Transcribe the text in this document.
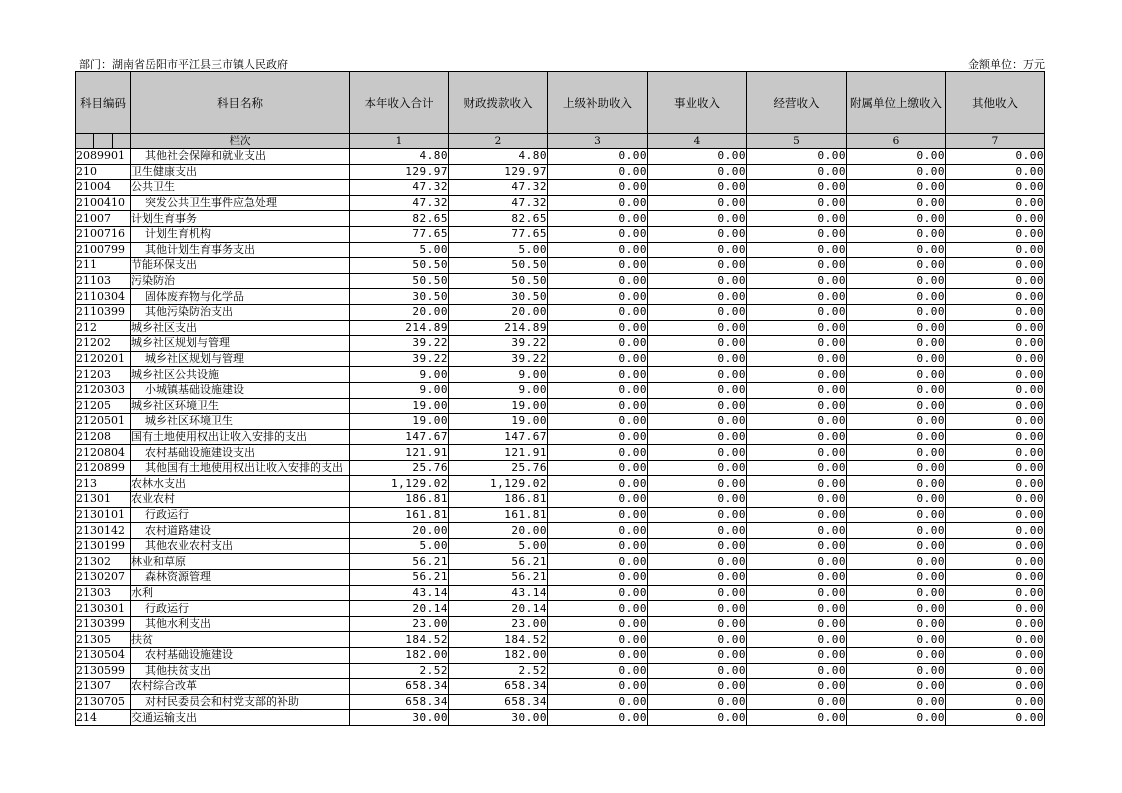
部门：湖南省岳阳市平江县三市镇人民政府	金额单位：万元
科目编码	科目名称	本年收入合计	财政拨款收入	上级补助收入	事业收入	经营收入	附属单位上缴收入	其他收入

	栏次	1	2	3	4	5	6	7
2089901	其他社会保障和就业支出	4.80	4.80	0.00	0.00	0.00	0.00	0.00
210	卫生健康支出	129.97	129.97	0.00	0.00	0.00	0.00	0.00
21004	公共卫生	47.32	47.32	0.00	0.00	0.00	0.00	0.00
2100410	突发公共卫生事件应急处理	47.32	47.32	0.00	0.00	0.00	0.00	0.00
21007	计划生育事务	82.65	82.65	0.00	0.00	0.00	0.00	0.00
2100716	计划生育机构	77.65	77.65	0.00	0.00	0.00	0.00	0.00
2100799	其他计划生育事务支出	5.00	5.00	0.00	0.00	0.00	0.00	0.00
211	节能环保支出	50.50	50.50	0.00	0.00	0.00	0.00	0.00
21103	污染防治	50.50	50.50	0.00	0.00	0.00	0.00	0.00
2110304	固体废弃物与化学品	30.50	30.50	0.00	0.00	0.00	0.00	0.00
2110399	其他污染防治支出	20.00	20.00	0.00	0.00	0.00	0.00	0.00
212	城乡社区支出	214.89	214.89	0.00	0.00	0.00	0.00	0.00
21202	城乡社区规划与管理	39.22	39.22	0.00	0.00	0.00	0.00	0.00
2120201	城乡社区规划与管理	39.22	39.22	0.00	0.00	0.00	0.00	0.00
21203	城乡社区公共设施	9.00	9.00	0.00	0.00	0.00	0.00	0.00
2120303	小城镇基础设施建设	9.00	9.00	0.00	0.00	0.00	0.00	0.00
21205	城乡社区环境卫生	19.00	19.00	0.00	0.00	0.00	0.00	0.00
2120501	城乡社区环境卫生	19.00	19.00	0.00	0.00	0.00	0.00	0.00
21208	国有土地使用权出让收入安排的支出	147.67	147.67	0.00	0.00	0.00	0.00	0.00
2120804	农村基础设施建设支出	121.91	121.91	0.00	0.00	0.00	0.00	0.00
2120899	其他国有土地使用权出让收入安排的支出	25.76	25.76	0.00	0.00	0.00	0.00	0.00
213	农林水支出	1,129.02	1,129.02	0.00	0.00	0.00	0.00	0.00
21301	农业农村	186.81	186.81	0.00	0.00	0.00	0.00	0.00
2130101	行政运行	161.81	161.81	0.00	0.00	0.00	0.00	0.00
2130142	农村道路建设	20.00	20.00	0.00	0.00	0.00	0.00	0.00
2130199	其他农业农村支出	5.00	5.00	0.00	0.00	0.00	0.00	0.00
21302	林业和草原	56.21	56.21	0.00	0.00	0.00	0.00	0.00
2130207	森林资源管理	56.21	56.21	0.00	0.00	0.00	0.00	0.00
21303	水利	43.14	43.14	0.00	0.00	0.00	0.00	0.00
2130301	行政运行	20.14	20.14	0.00	0.00	0.00	0.00	0.00
2130399	其他水利支出	23.00	23.00	0.00	0.00	0.00	0.00	0.00
21305	扶贫	184.52	184.52	0.00	0.00	0.00	0.00	0.00
2130504	农村基础设施建设	182.00	182.00	0.00	0.00	0.00	0.00	0.00
2130599	其他扶贫支出	2.52	2.52	0.00	0.00	0.00	0.00	0.00
21307	农村综合改革	658.34	658.34	0.00	0.00	0.00	0.00	0.00
2130705	对村民委员会和村党支部的补助	658.34	658.34	0.00	0.00	0.00	0.00	0.00
214	交通运输支出	30.00	30.00	0.00	0.00	0.00	0.00	0.00
